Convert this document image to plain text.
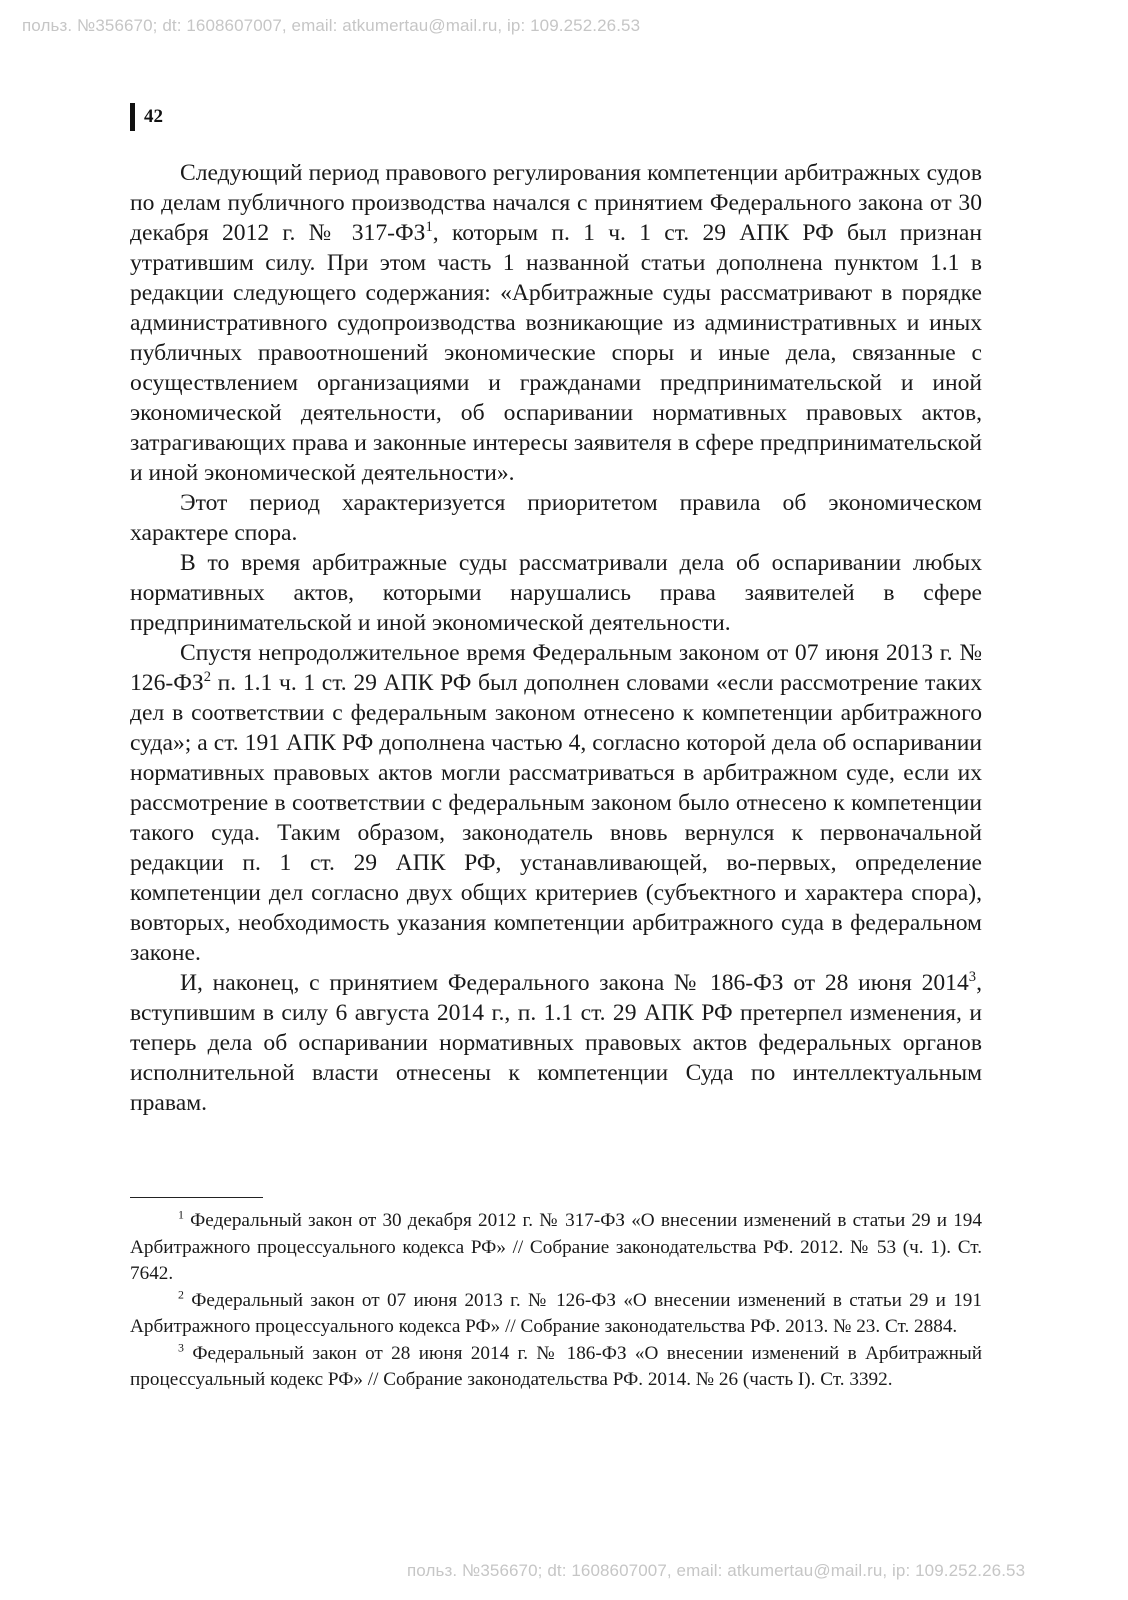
польз. №356670; dt: 1608607007, email: atkumertau@mail.ru, ip: 109.252.26.53
42

Следующий период правового регулирования компетенции арбитражных судов по делам публичного производства начался с принятием Федерального закона от 30 декабря 2012 г. № $317-ФЗ^1$, которым п. 1 ч. 1 ст. 29 АПК РФ был признан утратившим силу. При этом часть 1 названной статьи дополнена пунктом 1.1 в редакции следующего содержания: «Арбитражные суды рассматривают в порядке административного судопроизводства возникающие из административных и иных публичных правоотношений экономические споры и иные дела, связанные с осуществлением организациями и гражданами предпринимательской и иной экономической деятельности, об оспаривании нормативных правовых актов, затрагивающих права и законные интересы заявителя в сфере предпринимательской и иной экономической деятельности».

Этот период характеризуется приоритетом правила об экономическом характере спора.

В то время арбитражные суды рассматривали дела об оспаривании любых нормативных актов, которыми нарушались права заявителей в сфере предпринимательской и иной экономической деятельности.

Спустя непродолжительное время Федеральным законом от 07 июня 2013 г. № $126-ФЗ^2$ п. 1.1 ч. 1 ст. 29 АПК РФ был дополнен словами «если рассмотрение таких дел в соответствии с федеральным законом отнесено к компетенции арбитражного суда»; а ст. 191 АПК РФ дополнена частью 4, согласно которой дела об оспаривании нормативных правовых актов могли рассматриваться в арбитражном суде, если их рассмотрение в соответствии с федеральным законом было отнесено к компетенции такого суда. Таким образом, законодатель вновь вернулся к первоначальной редакции п. 1 ст. 29 АПК РФ, устанавливающей, во-первых, определение компетенции дел согласно двух общих критериев (субъектного и характера спора), вовторых, необходимость указания компетенции арбитражного суда в федеральном законе.

И, наконец, с принятием Федерального закона № 186-ФЗ от 28 июня 2014$^3$, вступившим в силу 6 августа 2014 г., п. 1.1 ст. 29 АПК РФ претерпел изменения, и теперь дела об оспаривании нормативных правовых актов федеральных органов исполнительной власти отнесены к компетенции Суда по интеллектуальным правам.

$^1$ Федеральный закон от 30 декабря 2012 г. № 317-ФЗ «О внесении изменений в статьи 29 и 194 Арбитражного процессуального кодекса РФ» // Собрание законодательства РФ. 2012. № 53 (ч. 1). Ст. 7642.

$^2$ Федеральный закон от 07 июня 2013 г. № 126-ФЗ «О внесении изменений в статьи 29 и 191 Арбитражного процессуального кодекса РФ» // Собрание законодательства РФ. 2013. № 23. Ст. 2884.

$^3$ Федеральный закон от 28 июня 2014 г. № 186-ФЗ «О внесении изменений в Арбитражный процессуальный кодекс РФ» // Собрание законодательства РФ. 2014. № 26 (часть I). Ст. 3392.

польз. №356670; dt: 1608607007, email: atkumertau@mail.ru, ip: 109.252.26.53
